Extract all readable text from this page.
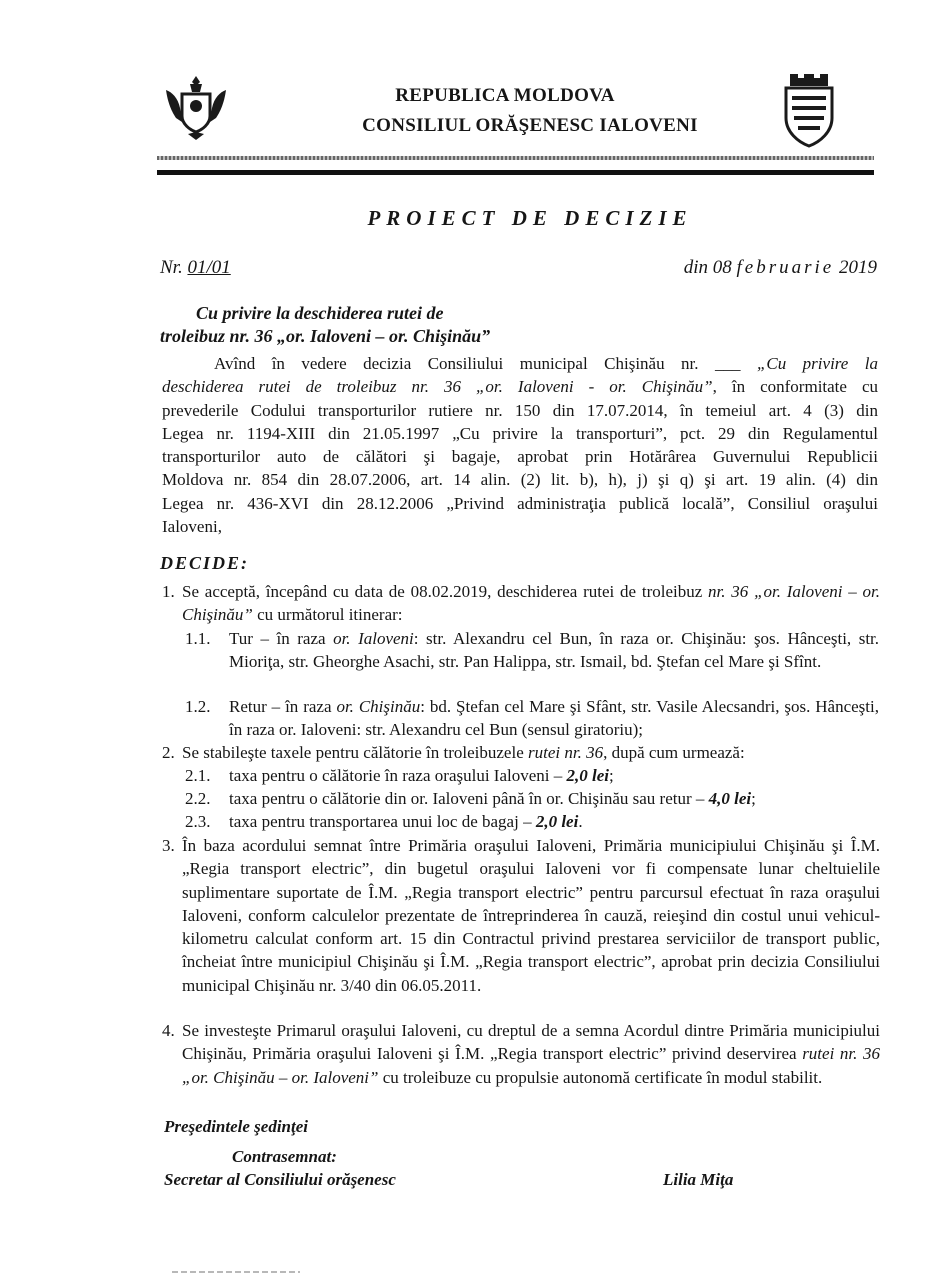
REPUBLICA MOLDOVA
CONSILIUL ORĂŞENESC IALOVENI
PROIECT DE DECIZIE
Nr. 01/01	din 08 februarie 2019
Cu privire la deschiderea rutei de
troleibuz nr. 36 „or. Ialoveni – or. Chişinău”
Avînd în vedere decizia Consiliului municipal Chişinău nr. ___ „Cu privire la
deschiderea rutei de troleibuz nr. 36 „or. Ialoveni - or. Chişinău”, în conformitate cu
prevederile Codului transporturilor rutiere nr. 150 din 17.07.2014, în temeiul art. 4 (3) din
Legea nr. 1194-XIII din 21.05.1997 „Cu privire la transporturi”, pct. 29 din Regulamentul
transporturilor auto de călători şi bagaje, aprobat prin Hotărârea Guvernului Republicii
Moldova nr. 854 din 28.07.2006, art. 14 alin. (2) lit. b), h), j) şi q) şi art. 19 alin. (4) din
Legea nr. 436-XVI din 28.12.2006 „Privind administraţia publică locală”, Consiliul oraşului
Ialoveni,
DECIDE:
1. Se acceptă, începând cu data de 08.02.2019, deschiderea rutei de troleibuz nr. 36 „or. Ialoveni – or. Chişinău” cu următorul itinerar:
1.1. Tur – în raza or. Ialoveni: str. Alexandru cel Bun, în raza or. Chişinău: şos. Hânceşti, str. Mioriţa, str. Gheorghe Asachi, str. Pan Halippa, str. Ismail, bd. Ştefan cel Mare şi Sfînt.
1.2. Retur – în raza or. Chişinău: bd. Ştefan cel Mare şi Sfânt, str. Vasile Alecsandri, şos. Hânceşti, în raza or. Ialoveni: str. Alexandru cel Bun (sensul giratoriu);
2. Se stabileşte taxele pentru călătorie în troleibuzele rutei nr. 36, după cum urmează:
2.1. taxa pentru o călătorie în raza oraşului Ialoveni – 2,0 lei;
2.2. taxa pentru o călătorie din or. Ialoveni până în or. Chişinău sau retur – 4,0 lei;
2.3. taxa pentru transportarea unui loc de bagaj – 2,0 lei.
3. În baza acordului semnat între Primăria oraşului Ialoveni, Primăria municipiului Chişinău şi Î.M. „Regia transport electric”, din bugetul oraşului Ialoveni vor fi compensate lunar cheltuielile suplimentare suportate de Î.M. „Regia transport electric” pentru parcursul efectuat în raza oraşului Ialoveni, conform calculelor prezentate de întreprinderea în cauză, reieşind din costul unui vehicul-kilometru calculat conform art. 15 din Contractul privind prestarea serviciilor de transport public, încheiat între municipiul Chişinău şi Î.M. „Regia transport electric”, aprobat prin decizia Consiliului municipal Chişinău nr. 3/40 din 06.05.2011.
4. Se investeşte Primarul oraşului Ialoveni, cu dreptul de a semna Acordul dintre Primăria municipiului Chişinău, Primăria oraşului Ialoveni şi Î.M. „Regia transport electric” privind deservirea rutei nr. 36 „or. Chişinău – or. Ialoveni” cu troleibuze cu propulsie autonomă certificate în modul stabilit.
Preşedintele şedinţei
Contrasemnat:
Secretar al Consiliului orăşenesc	Lilia Miţa
